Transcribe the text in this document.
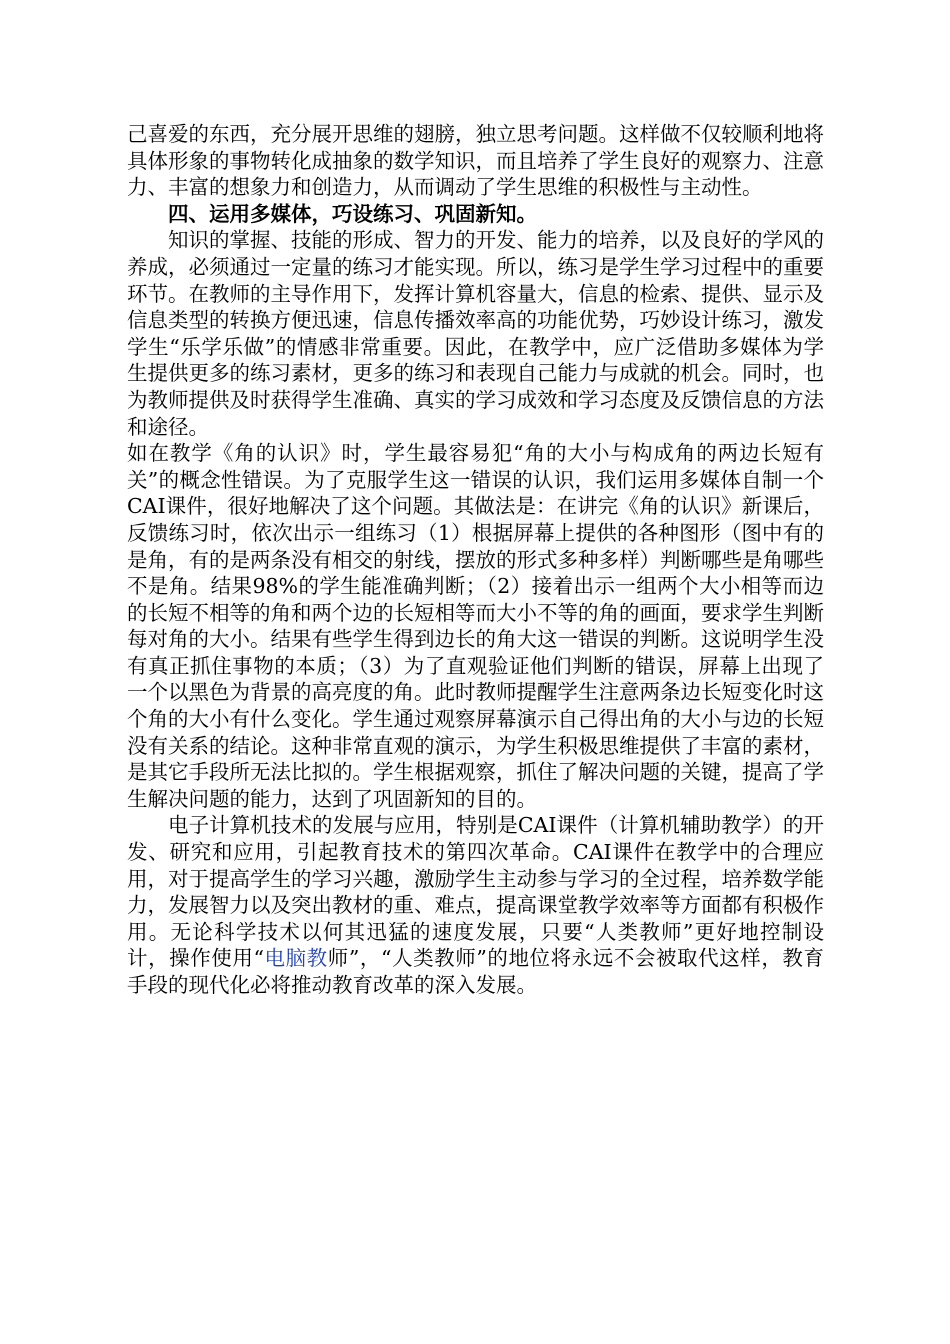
己喜爱的东西，充分展开思维的翅膀，独立思考问题。这样做不仅较顺利地将具体形象的事物转化成抽象的数学知识，而且培养了学生良好的观察力、注意力、丰富的想象力和创造力，从而调动了学生思维的积极性与主动性。

四、运用多媒体，巧设练习、巩固新知。

知识的掌握、技能的形成、智力的开发、能力的培养，以及良好的学风的养成，必须通过一定量的练习才能实现。所以，练习是学生学习过程中的重要环节。在教师的主导作用下，发挥计算机容量大，信息的检索、提供、显示及信息类型的转换方便迅速，信息传播效率高的功能优势，巧妙设计练习，激发学生“乐学乐做”的情感非常重要。因此，在教学中，应广泛借助多媒体为学生提供更多的练习素材，更多的练习和表现自己能力与成就的机会。同时，也为教师提供及时获得学生准确、真实的学习成效和学习态度及反馈信息的方法和途径。

如在教学《角的认识》时，学生最容易犯“角的大小与构成角的两边长短有关”的概念性错误。为了克服学生这一错误的认识，我们运用多媒体自制一个CAI课件，很好地解决了这个问题。其做法是：在讲完《角的认识》新课后，反馈练习时，依次出示一组练习（1）根据屏幕上提供的各种图形（图中有的是角，有的是两条没有相交的射线，摆放的形式多种多样）判断哪些是角哪些不是角。结果98%的学生能准确判断；（2）接着出示一组两个大小相等而边的长短不相等的角和两个边的长短相等而大小不等的角的画面，要求学生判断每对角的大小。结果有些学生得到边长的角大这一错误的判断。这说明学生没有真正抓住事物的本质；（3）为了直观验证他们判断的错误，屏幕上出现了一个以黑色为背景的高亮度的角。此时教师提醒学生注意两条边长短变化时这个角的大小有什么变化。学生通过观察屏幕演示自己得出角的大小与边的长短没有关系的结论。这种非常直观的演示，为学生积极思维提供了丰富的素材，是其它手段所无法比拟的。学生根据观察，抓住了解决问题的关键，提高了学生解决问题的能力，达到了巩固新知的目的。

电子计算机技术的发展与应用，特别是CAI课件（计算机辅助教学）的开发、研究和应用，引起教育技术的第四次革命。CAI课件在教学中的合理应用，对于提高学生的学习兴趣，激励学生主动参与学习的全过程，培养数学能力，发展智力以及突出教材的重、难点，提高课堂教学效率等方面都有积极作用。无论科学技术以何其迅猛的速度发展，只要“人类教师”更好地控制设计，操作使用“电脑教师”，“人类教师”的地位将永远不会被取代这样，教育手段的现代化必将推动教育改革的深入发展。
